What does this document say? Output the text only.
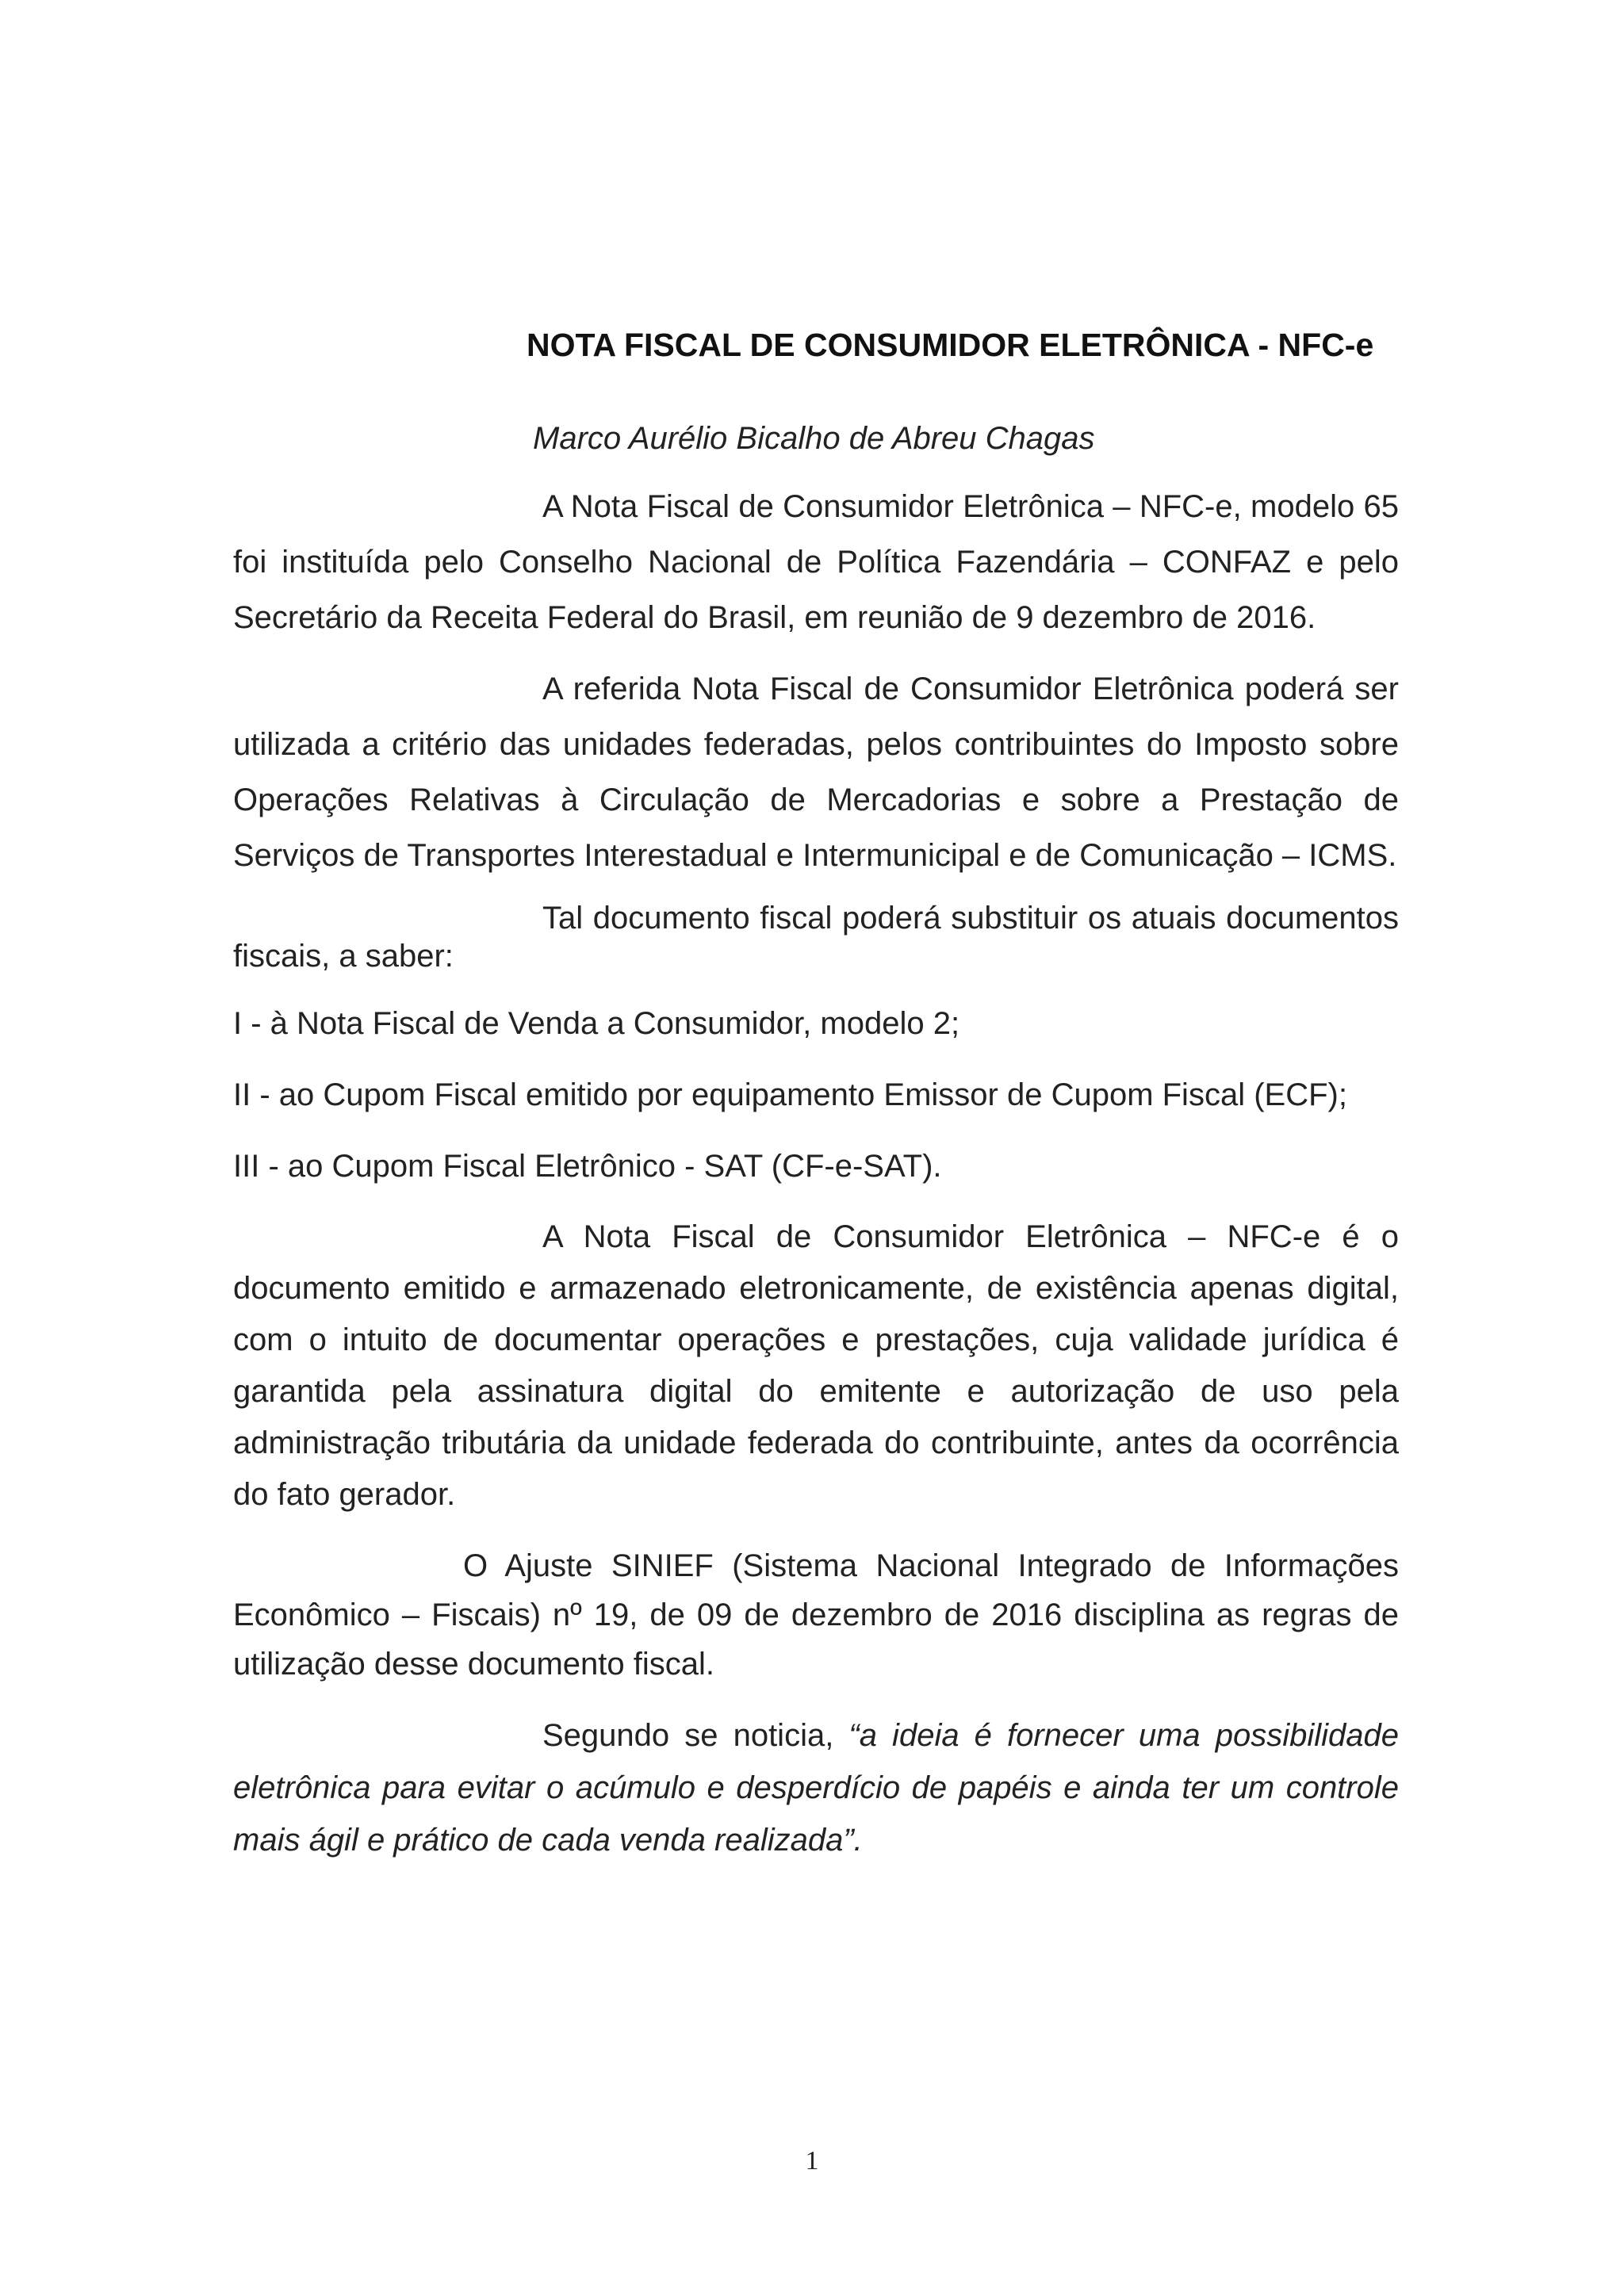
NOTA FISCAL DE CONSUMIDOR ELETRÔNICA - NFC-e

Marco Aurélio Bicalho de Abreu Chagas

A Nota Fiscal de Consumidor Eletrônica – NFC-e, modelo 65 foi instituída pelo Conselho Nacional de Política Fazendária – CONFAZ e pelo Secretário da Receita Federal do Brasil, em reunião de 9 dezembro de 2016.

A referida Nota Fiscal de Consumidor Eletrônica poderá ser utilizada a critério das unidades federadas, pelos contribuintes do Imposto sobre Operações Relativas à Circulação de Mercadorias e sobre a Prestação de Serviços de Transportes Interestadual e Intermunicipal e de Comunicação – ICMS.

Tal documento fiscal poderá substituir os atuais documentos fiscais, a saber:

I - à Nota Fiscal de Venda a Consumidor, modelo 2;

II - ao Cupom Fiscal emitido por equipamento Emissor de Cupom Fiscal (ECF);

III - ao Cupom Fiscal Eletrônico - SAT (CF-e-SAT).

A Nota Fiscal de Consumidor Eletrônica – NFC-e é o documento emitido e armazenado eletronicamente, de existência apenas digital, com o intuito de documentar operações e prestações, cuja validade jurídica é garantida pela assinatura digital do emitente e autorização de uso pela administração tributária da unidade federada do contribuinte, antes da ocorrência do fato gerador.

O Ajuste SINIEF (Sistema Nacional Integrado de Informações Econômico – Fiscais) nº 19, de 09 de dezembro de 2016 disciplina as regras de utilização desse documento fiscal.

Segundo se noticia, “a ideia é fornecer uma possibilidade eletrônica para evitar o acúmulo e desperdício de papéis e ainda ter um controle mais ágil e prático de cada venda realizada”.

1
